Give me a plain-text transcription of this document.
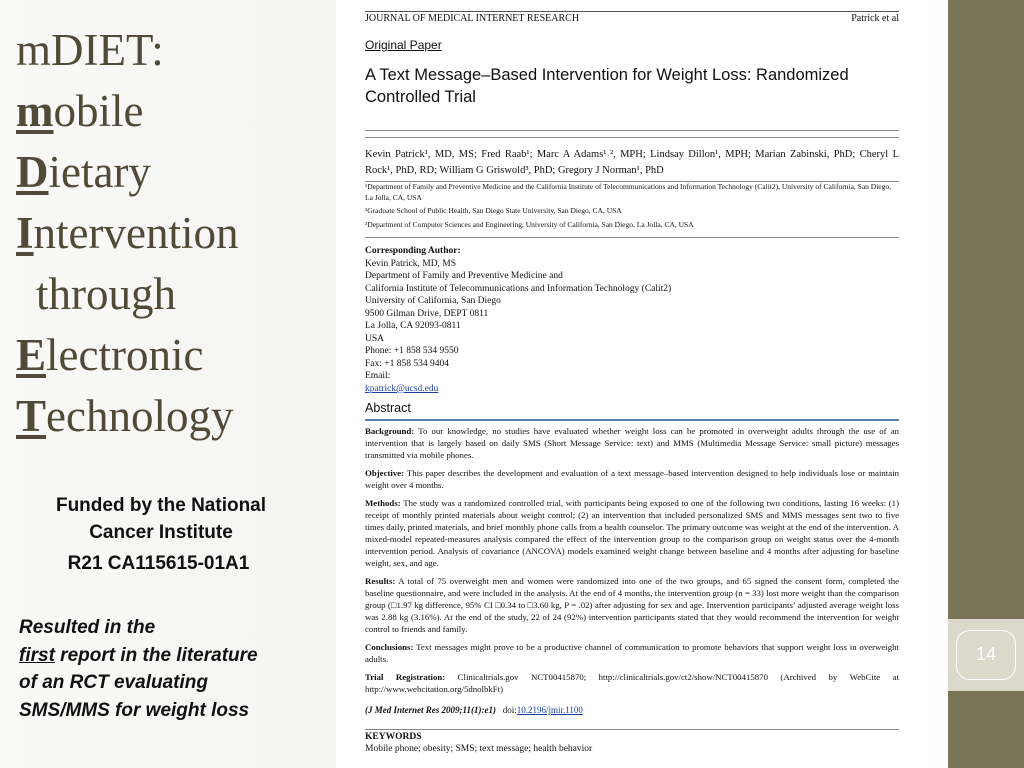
14
mDIET:
mobile
Dietary
Intervention
through
Electronic
Technology

Funded by the National
Cancer Institute

R21 CA115615-01A1
Resulted in the
first report in the literature
of an RCT evaluating
SMS/MMS for weight loss
JOURNAL OF MEDICAL INTERNET RESEARCH	Patrick et al
Original Paper
A Text Message–Based Intervention for Weight Loss: Randomized Controlled Trial
Kevin Patrick¹, MD, MS; Fred Raab¹; Marc A Adams¹˒², MPH; Lindsay Dillon¹, MPH; Marian Zabinski, PhD; Cheryl L Rock¹, PhD, RD; William G Griswold³, PhD; Gregory J Norman¹, PhD

¹Department of Family and Preventive Medicine and the California Institute of Telecommunications and Information Technology (Calit2), University of California, San Diego, La Jolla, CA, USA

²Graduate School of Public Health, San Diego State University, San Diego, CA, USA

³Department of Computer Sciences and Engineering, University of California, San Diego, La Jolla, CA, USA

Corresponding Author:
Kevin Patrick, MD, MS
Department of Family and Preventive Medicine and
California Institute of Telecommunications and Information Technology (Calit2)
University of California, San Diego
9500 Gilman Drive, DEPT 0811
La Jolla, CA 92093-0811
USA
Phone: +1 858 534 9550
Fax: +1 858 534 9404
Email:
kpatrick@ucsd.edu
Abstract

Background: To our knowledge, no studies have evaluated whether weight loss can be promoted in overweight adults through the use of an intervention that is largely based on daily SMS (Short Message Service: text) and MMS (Multimedia Message Service: small picture) messages transmitted via mobile phones.

Objective: This paper describes the development and evaluation of a text message–based intervention designed to help individuals lose or maintain weight over 4 months.

Methods: The study was a randomized controlled trial, with participants being exposed to one of the following two conditions, lasting 16 weeks: (1) receipt of monthly printed materials about weight control; (2) an intervention that included personalized SMS and MMS messages sent two to five times daily, printed materials, and brief monthly phone calls from a health counselor. The primary outcome was weight at the end of the intervention. A mixed-model repeated-measures analysis compared the effect of the intervention group to the comparison group on weight status over the 4-month intervention period. Analysis of covariance (ANCOVA) models examined weight change between baseline and 4 months after adjusting for baseline weight, sex, and age.

Results: A total of 75 overweight men and women were randomized into one of the two groups, and 65 signed the consent form, completed the baseline questionnaire, and were included in the analysis. At the end of 4 months, the intervention group (n = 33) lost more weight than the comparison group (□1.97 kg difference, 95% CI □0.34 to □3.60 kg, P = .02) after adjusting for sex and age. Intervention participants’ adjusted average weight loss was 2.88 kg (3.16%). At the end of the study, 22 of 24 (92%) intervention participants stated that they would recommend the intervention for weight control to friends and family.

Conclusions: Text messages might prove to be a productive channel of communication to promote behaviors that support weight loss in overweight adults.

Trial Registration: Clinicaltrials.gov NCT00415870; http://clinicaltrials.gov/ct2/show/NCT00415870 (Archived by WebCite at http://www.webcitation.org/5dnolbkFt)

(J Med Internet Res 2009;11(1):e1) doi:10.2196/jmir.1100
KEYWORDS
Mobile phone; obesity; SMS; text message; health behavior
